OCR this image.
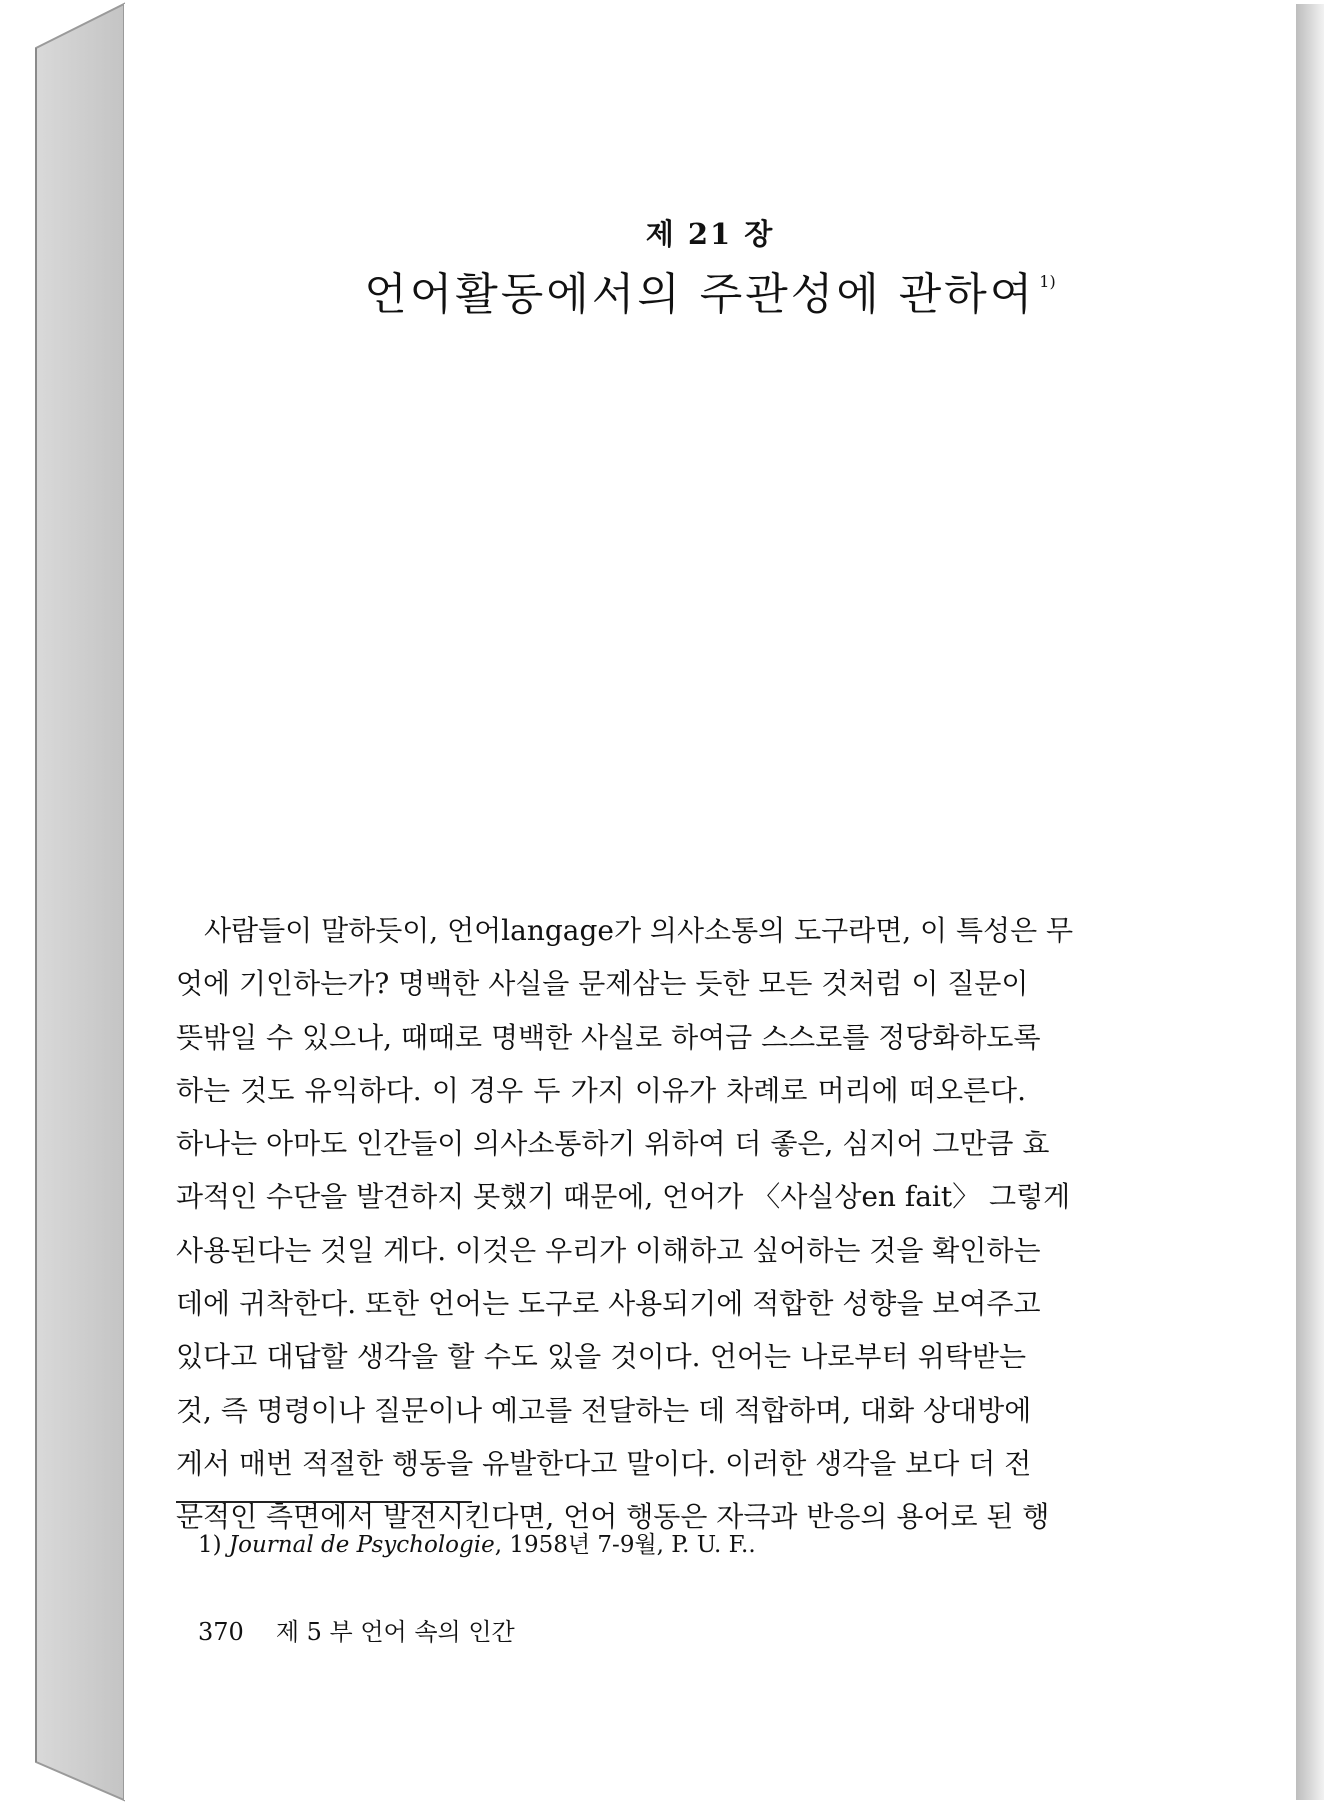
제 21 장
언어활동에서의 주관성에 관하여 $^{1)}$
사람들이 말하듯이, 언어langage가 의사소통의 도구라면, 이 특성은 무
엇에 기인하는가? 명백한 사실을 문제삼는 듯한 모든 것처럼 이 질문이
뜻밖일 수 있으나, 때때로 명백한 사실로 하여금 스스로를 정당화하도록
하는 것도 유익하다. 이 경우 두 가지 이유가 차례로 머리에 떠오른다.
하나는 아마도 인간들이 의사소통하기 위하여 더 좋은, 심지어 그만큼 효
과적인 수단을 발견하지 못했기 때문에, 언어가 〈사실상en fait〉 그렇게
사용된다는 것일 게다. 이것은 우리가 이해하고 싶어하는 것을 확인하는
데에 귀착한다. 또한 언어는 도구로 사용되기에 적합한 성향을 보여주고
있다고 대답할 생각을 할 수도 있을 것이다. 언어는 나로부터 위탁받는
것, 즉 명령이나 질문이나 예고를 전달하는 데 적합하며, 대화 상대방에
게서 매번 적절한 행동을 유발한다고 말이다. 이러한 생각을 보다 더 전
문적인 측면에서 발전시킨다면, 언어 행동은 자극과 반응의 용어로 된 행
1) Journal de Psychologie, 1958년 7-9월, P. U. F..
370 제 5 부 언어 속의 인간
